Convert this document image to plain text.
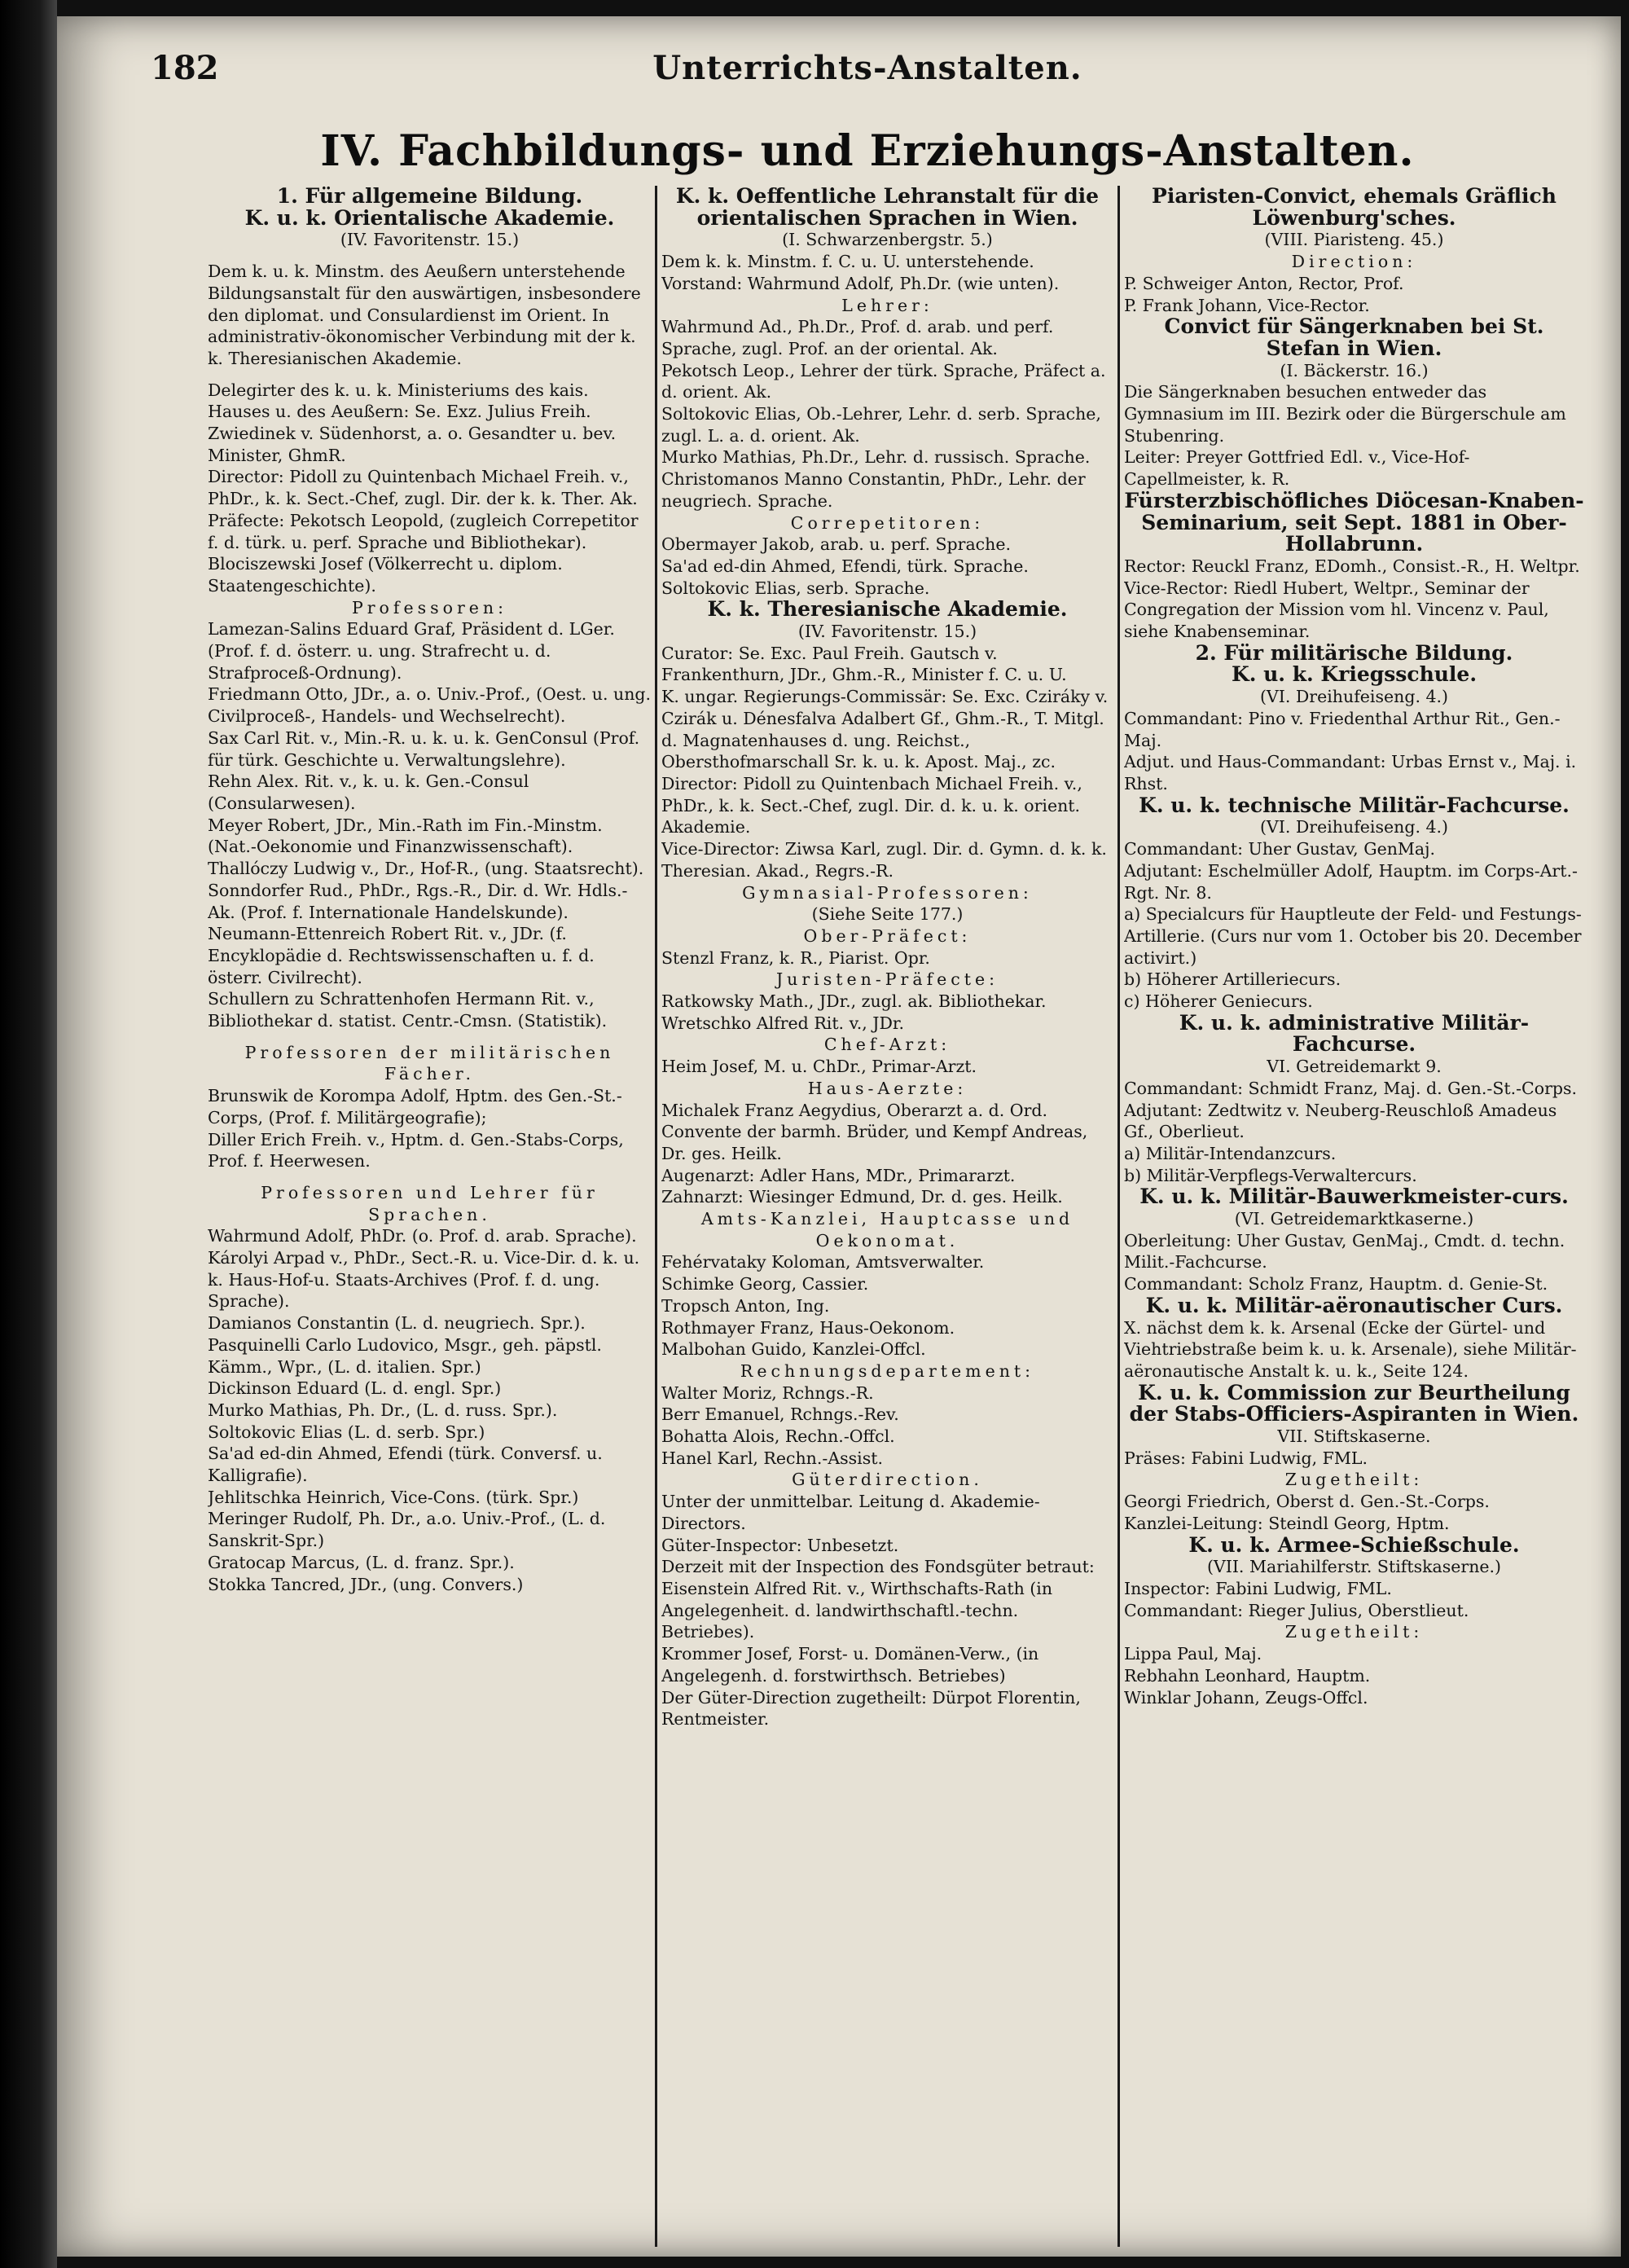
182	Unterrichts-Anstalten.
IV. Fachbildungs- und Erziehungs-Anstalten.
1. Für allgemeine Bildung.
K. u. k. Orientalische Akademie.
(IV. Favoritenstr. 15.)
Dem k. u. k. Minstm. des Aeußern unterstehende Bildungsanstalt für den auswärtigen, insbesondere den diplomat. und Consulardienst im Orient. In administrativ-ökonomischer Verbindung mit der k. k. Theresianischen Akademie.
Delegirter des k. u. k. Ministeriums des kais. Hauses u. des Aeußern: Se. Exz. Julius Freih. Zwiedinek v. Südenhorst, a. o. Gesandter u. bev. Minister, GhmR.
Director: Pidoll zu Quintenbach Michael Freih. v., PhDr., k. k. Sect.-Chef, zugl. Dir. der k. k. Ther. Ak.
Präfecte: Pekotsch Leopold, (zugleich Correpetitor f. d. türk. u. perf. Sprache und Bibliothekar).
Blociszewski Josef (Völkerrecht u. diplom. Staatengeschichte).
Professoren:
Lamezan-Salins Eduard Graf, Präsident d. LGer. (Prof. f. d. österr. u. ung. Strafrecht u. d. Strafproceß-Ordnung).
Friedmann Otto, JDr., a. o. Univ.-Prof., (Oest. u. ung. Civilproceß-, Handels- und Wechselrecht).
Sax Carl Rit. v., Min.-R. u. k. u. k. GenConsul (Prof. für türk. Geschichte u. Verwaltungslehre).
Rehn Alex. Rit. v., k. u. k. Gen.-Consul (Consularwesen).
Meyer Robert, JDr., Min.-Rath im Fin.-Minstm. (Nat.-Oekonomie und Finanzwissenschaft).
Thallóczy Ludwig v., Dr., Hof-R., (ung. Staatsrecht).
Sonndorfer Rud., PhDr., Rgs.-R., Dir. d. Wr. Hdls.-Ak. (Prof. f. Internationale Handelskunde).
Neumann-Ettenreich Robert Rit. v., JDr. (f. Encyklopädie d. Rechtswissenschaften u. f. d. österr. Civilrecht).
Schullern zu Schrattenhofen Hermann Rit. v., Bibliothekar d. statist. Centr.-Cmsn. (Statistik).
Professoren der militärischen Fächer.
Brunswik de Korompa Adolf, Hptm. des Gen.-St.-Corps, (Prof. f. Militärgeografie);
Diller Erich Freih. v., Hptm. d. Gen.-Stabs-Corps, Prof. f. Heerwesen.
Professoren und Lehrer für Sprachen.
Wahrmund Adolf, PhDr. (o. Prof. d. arab. Sprache).
Károlyi Arpad v., PhDr., Sect.-R. u. Vice-Dir. d. k. u. k. Haus-Hof-u. Staats-Archives (Prof. f. d. ung. Sprache).
Damianos Constantin (L. d. neugriech. Spr.).
Pasquinelli Carlo Ludovico, Msgr., geh. päpstl. Kämm., Wpr., (L. d. italien. Spr.)
Dickinson Eduard (L. d. engl. Spr.)
Murko Mathias, Ph. Dr., (L. d. russ. Spr.).
Soltokovic Elias (L. d. serb. Spr.)
Sa'ad ed-din Ahmed, Efendi (türk. Conversf. u. Kalligrafie).
Jehlitschka Heinrich, Vice-Cons. (türk. Spr.)
Meringer Rudolf, Ph. Dr., a.o. Univ.-Prof., (L. d. Sanskrit-Spr.)
Gratocap Marcus, (L. d. franz. Spr.).
Stokka Tancred, JDr., (ung. Convers.)
K. k. Oeffentliche Lehranstalt für die orientalischen Sprachen in Wien.
(I. Schwarzenbergstr. 5.)
Dem k. k. Minstm. f. C. u. U. unterstehende.
Vorstand: Wahrmund Adolf, Ph.Dr. (wie unten).
Lehrer:
Wahrmund Ad., Ph.Dr., Prof. d. arab. und perf. Sprache, zugl. Prof. an der oriental. Ak.
Pekotsch Leop., Lehrer der türk. Sprache, Präfect a. d. orient. Ak.
Soltokovic Elias, Ob.-Lehrer, Lehr. d. serb. Sprache, zugl. L. a. d. orient. Ak.
Murko Mathias, Ph.Dr., Lehr. d. russisch. Sprache.
Christomanos Manno Constantin, PhDr., Lehr. der neugriech. Sprache.
Correpetitoren:
Obermayer Jakob, arab. u. perf. Sprache.
Sa'ad ed-din Ahmed, Efendi, türk. Sprache.
Soltokovic Elias, serb. Sprache.
K. k. Theresianische Akademie.
(IV. Favoritenstr. 15.)
Curator: Se. Exc. Paul Freih. Gautsch v. Frankenthurn, JDr., Ghm.-R., Minister f. C. u. U.
K. ungar. Regierungs-Commissär: Se. Exc. Cziráky v. Czirák u. Dénesfalva Adalbert Gf., Ghm.-R., T. Mitgl. d. Magnatenhauses d. ung. Reichst., Obersthofmarschall Sr. k. u. k. Apost. Maj., zc.
Director: Pidoll zu Quintenbach Michael Freih. v., PhDr., k. k. Sect.-Chef, zugl. Dir. d. k. u. k. orient. Akademie.
Vice-Director: Ziwsa Karl, zugl. Dir. d. Gymn. d. k. k. Theresian. Akad., Regrs.-R.
Gymnasial-Professoren:
(Siehe Seite 177.)
Ober-Präfect:
Stenzl Franz, k. R., Piarist. Opr.
Juristen-Präfecte:
Ratkowsky Math., JDr., zugl. ak. Bibliothekar.
Wretschko Alfred Rit. v., JDr.
Chef-Arzt:
Heim Josef, M. u. ChDr., Primar-Arzt.
Haus-Aerzte:
Michalek Franz Aegydius, Oberarzt a. d. Ord. Convente der barmh. Brüder, und Kempf Andreas, Dr. ges. Heilk.
Augenarzt: Adler Hans, MDr., Primararzt.
Zahnarzt: Wiesinger Edmund, Dr. d. ges. Heilk.
Amts-Kanzlei, Hauptcasse und Oekonomat.
Fehérvataky Koloman, Amtsverwalter.
Schimke Georg, Cassier.
Tropsch Anton, Ing.
Rothmayer Franz, Haus-Oekonom.
Malbohan Guido, Kanzlei-Offcl.
Rechnungsdepartement:
Walter Moriz, Rchngs.-R.
Berr Emanuel, Rchngs.-Rev.
Bohatta Alois, Rechn.-Offcl.
Hanel Karl, Rechn.-Assist.
Güterdirection.
Unter der unmittelbar. Leitung d. Akademie-Directors.
Güter-Inspector: Unbesetzt.
Derzeit mit der Inspection des Fondsgüter betraut: Eisenstein Alfred Rit. v., Wirthschafts-Rath (in Angelegenheit. d. landwirthschaftl.-techn. Betriebes).
Krommer Josef, Forst- u. Domänen-Verw., (in Angelegenh. d. forstwirthsch. Betriebes)
Der Güter-Direction zugetheilt: Dürpot Florentin, Rentmeister.
Piaristen-Convict, ehemals Gräflich Löwenburg'sches.
(VIII. Piaristeng. 45.)
Direction:
P. Schweiger Anton, Rector, Prof.
P. Frank Johann, Vice-Rector.
Convict für Sängerknaben bei St. Stefan in Wien.
(I. Bäckerstr. 16.)
Die Sängerknaben besuchen entweder das Gymnasium im III. Bezirk oder die Bürgerschule am Stubenring.
Leiter: Preyer Gottfried Edl. v., Vice-Hof-Capellmeister, k. R.
Fürsterzbischöfliches Diöcesan-Knaben-Seminarium, seit Sept. 1881 in Ober-Hollabrunn.
Rector: Reuckl Franz, EDomh., Consist.-R., H. Weltpr.
Vice-Rector: Riedl Hubert, Weltpr., Seminar der Congregation der Mission vom hl. Vincenz v. Paul, siehe Knabenseminar.
2. Für militärische Bildung.
K. u. k. Kriegsschule.
(VI. Dreihufeiseng. 4.)
Commandant: Pino v. Friedenthal Arthur Rit., Gen.-Maj.
Adjut. und Haus-Commandant: Urbas Ernst v., Maj. i. Rhst.
K. u. k. technische Militär-Fachcurse.
(VI. Dreihufeiseng. 4.)
Commandant: Uher Gustav, GenMaj.
Adjutant: Eschelmüller Adolf, Hauptm. im Corps-Art.-Rgt. Nr. 8.
a) Specialcurs für Hauptleute der Feld- und Festungs-Artillerie. (Curs nur vom 1. October bis 20. December activirt.)
b) Höherer Artilleriecurs.
c) Höherer Geniecurs.
K. u. k. administrative Militär-Fachcurse.
VI. Getreidemarkt 9.
Commandant: Schmidt Franz, Maj. d. Gen.-St.-Corps.
Adjutant: Zedtwitz v. Neuberg-Reuschloß Amadeus Gf., Oberlieut.
a) Militär-Intendanzcurs.
b) Militär-Verpflegs-Verwaltercurs.
K. u. k. Militär-Bauwerkmeister-curs.
(VI. Getreidemarktkaserne.)
Oberleitung: Uher Gustav, GenMaj., Cmdt. d. techn. Milit.-Fachcurse.
Commandant: Scholz Franz, Hauptm. d. Genie-St.
K. u. k. Militär-aëronautischer Curs.
X. nächst dem k. k. Arsenal (Ecke der Gürtel- und Viehtriebstraße beim k. u. k. Arsenale), siehe Militär-aëronautische Anstalt k. u. k., Seite 124.
K. u. k. Commission zur Beurtheilung der Stabs-Officiers-Aspiranten in Wien.
VII. Stiftskaserne.
Präses: Fabini Ludwig, FML.
Zugetheilt:
Georgi Friedrich, Oberst d. Gen.-St.-Corps.
Kanzlei-Leitung: Steindl Georg, Hptm.
K. u. k. Armee-Schießschule.
(VII. Mariahilferstr. Stiftskaserne.)
Inspector: Fabini Ludwig, FML.
Commandant: Rieger Julius, Oberstlieut.
Zugetheilt:
Lippa Paul, Maj.
Rebhahn Leonhard, Hauptm.
Winklar Johann, Zeugs-Offcl.
